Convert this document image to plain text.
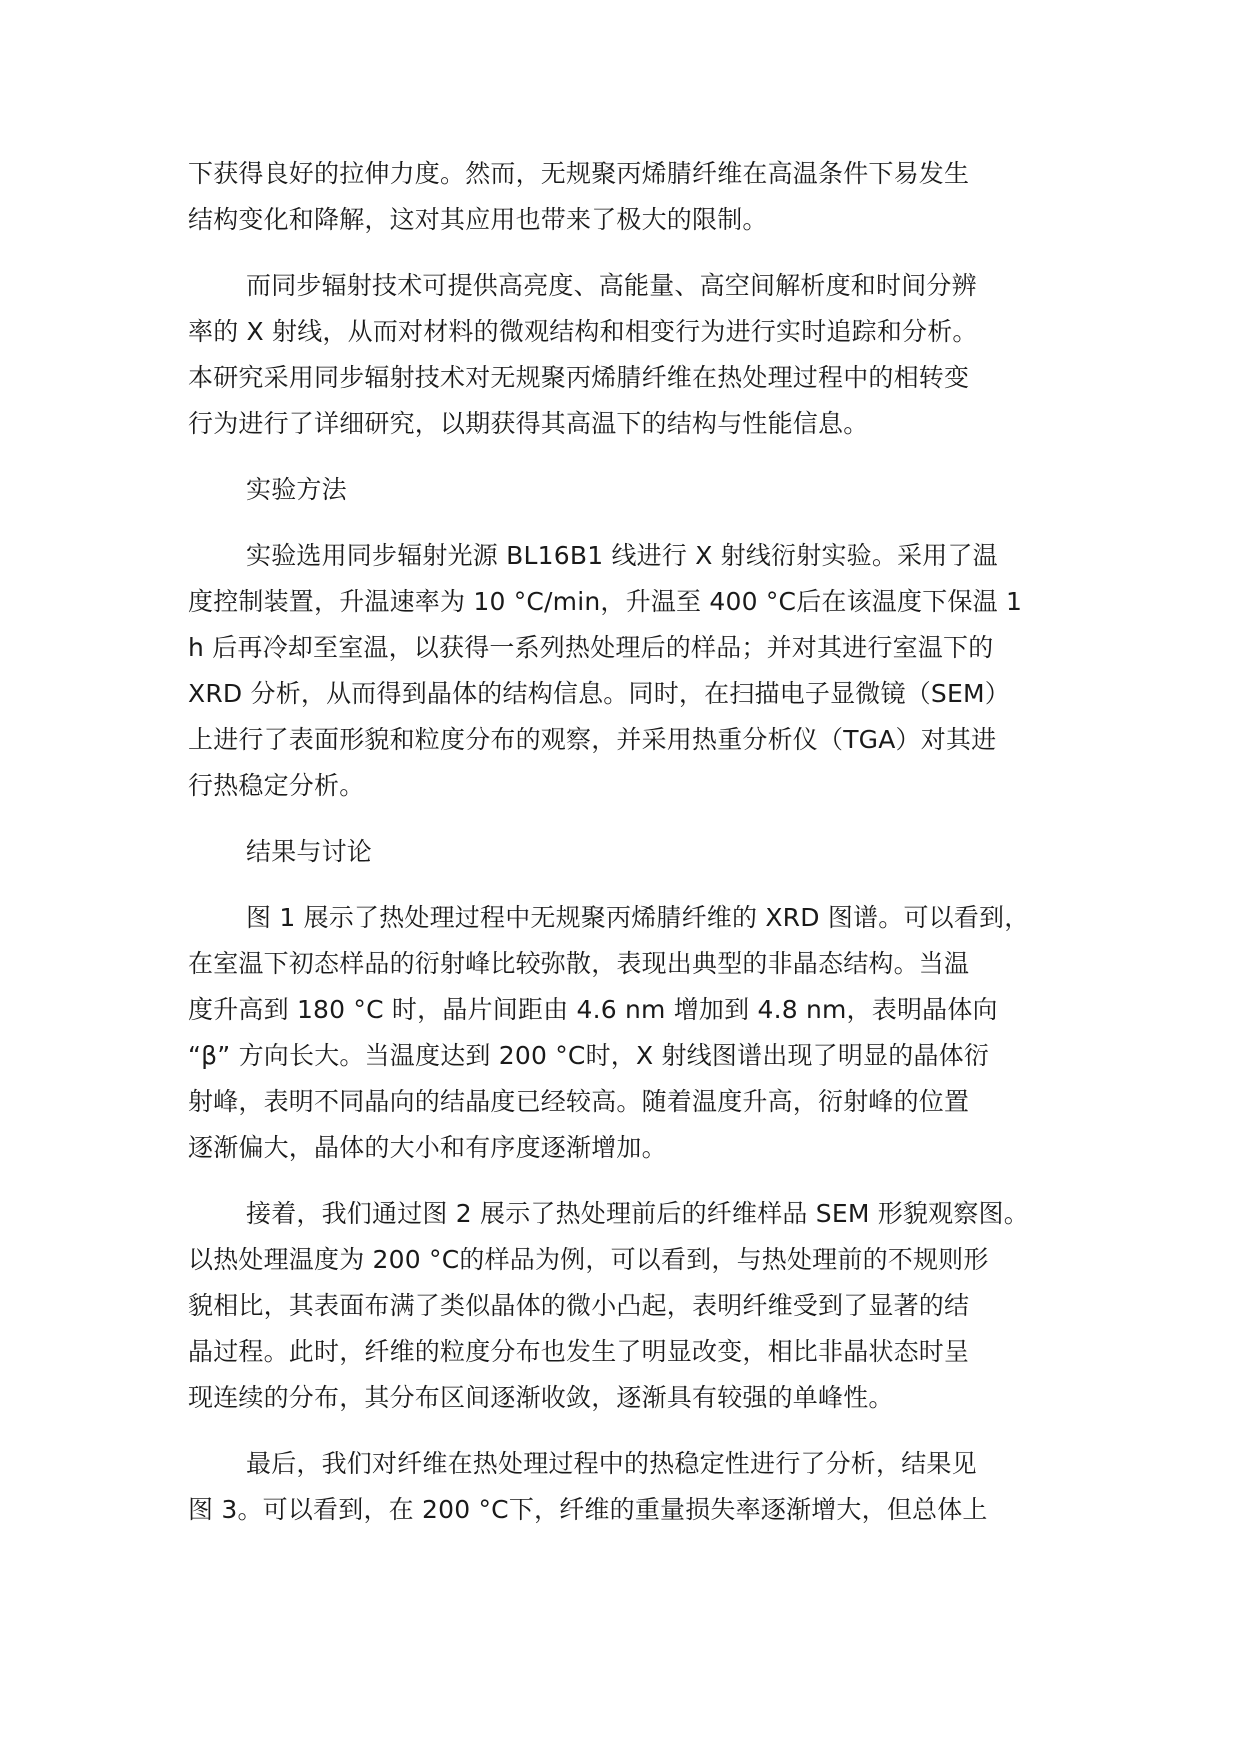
下获得良好的拉伸力度。然而，无规聚丙烯腈纤维在高温条件下易发生
结构变化和降解，这对其应用也带来了极大的限制。
而同步辐射技术可提供高亮度、高能量、高空间解析度和时间分辨
率的 X 射线，从而对材料的微观结构和相变行为进行实时追踪和分析。
本研究采用同步辐射技术对无规聚丙烯腈纤维在热处理过程中的相转变
行为进行了详细研究，以期获得其高温下的结构与性能信息。
实验方法
实验选用同步辐射光源 BL16B1 线进行 X 射线衍射实验。采用了温
度控制装置，升温速率为 10 °C/min，升温至 400 °C后在该温度下保温 1
h 后再冷却至室温，以获得一系列热处理后的样品；并对其进行室温下的
XRD 分析，从而得到晶体的结构信息。同时，在扫描电子显微镜（SEM）
上进行了表面形貌和粒度分布的观察，并采用热重分析仪（TGA）对其进
行热稳定分析。
结果与讨论
图 1 展示了热处理过程中无规聚丙烯腈纤维的 XRD 图谱。可以看到，
在室温下初态样品的衍射峰比较弥散，表现出典型的非晶态结构。当温
度升高到 180 °C 时，晶片间距由 4.6 nm 增加到 4.8 nm，表明晶体向
“β” 方向长大。当温度达到 200 °C时，X 射线图谱出现了明显的晶体衍
射峰，表明不同晶向的结晶度已经较高。随着温度升高，衍射峰的位置
逐渐偏大，晶体的大小和有序度逐渐增加。
接着，我们通过图 2 展示了热处理前后的纤维样品 SEM 形貌观察图。
以热处理温度为 200 °C的样品为例，可以看到，与热处理前的不规则形
貌相比，其表面布满了类似晶体的微小凸起，表明纤维受到了显著的结
晶过程。此时，纤维的粒度分布也发生了明显改变，相比非晶状态时呈
现连续的分布，其分布区间逐渐收敛，逐渐具有较强的单峰性。
最后，我们对纤维在热处理过程中的热稳定性进行了分析，结果见
图 3。可以看到，在 200 °C下，纤维的重量损失率逐渐增大，但总体上
